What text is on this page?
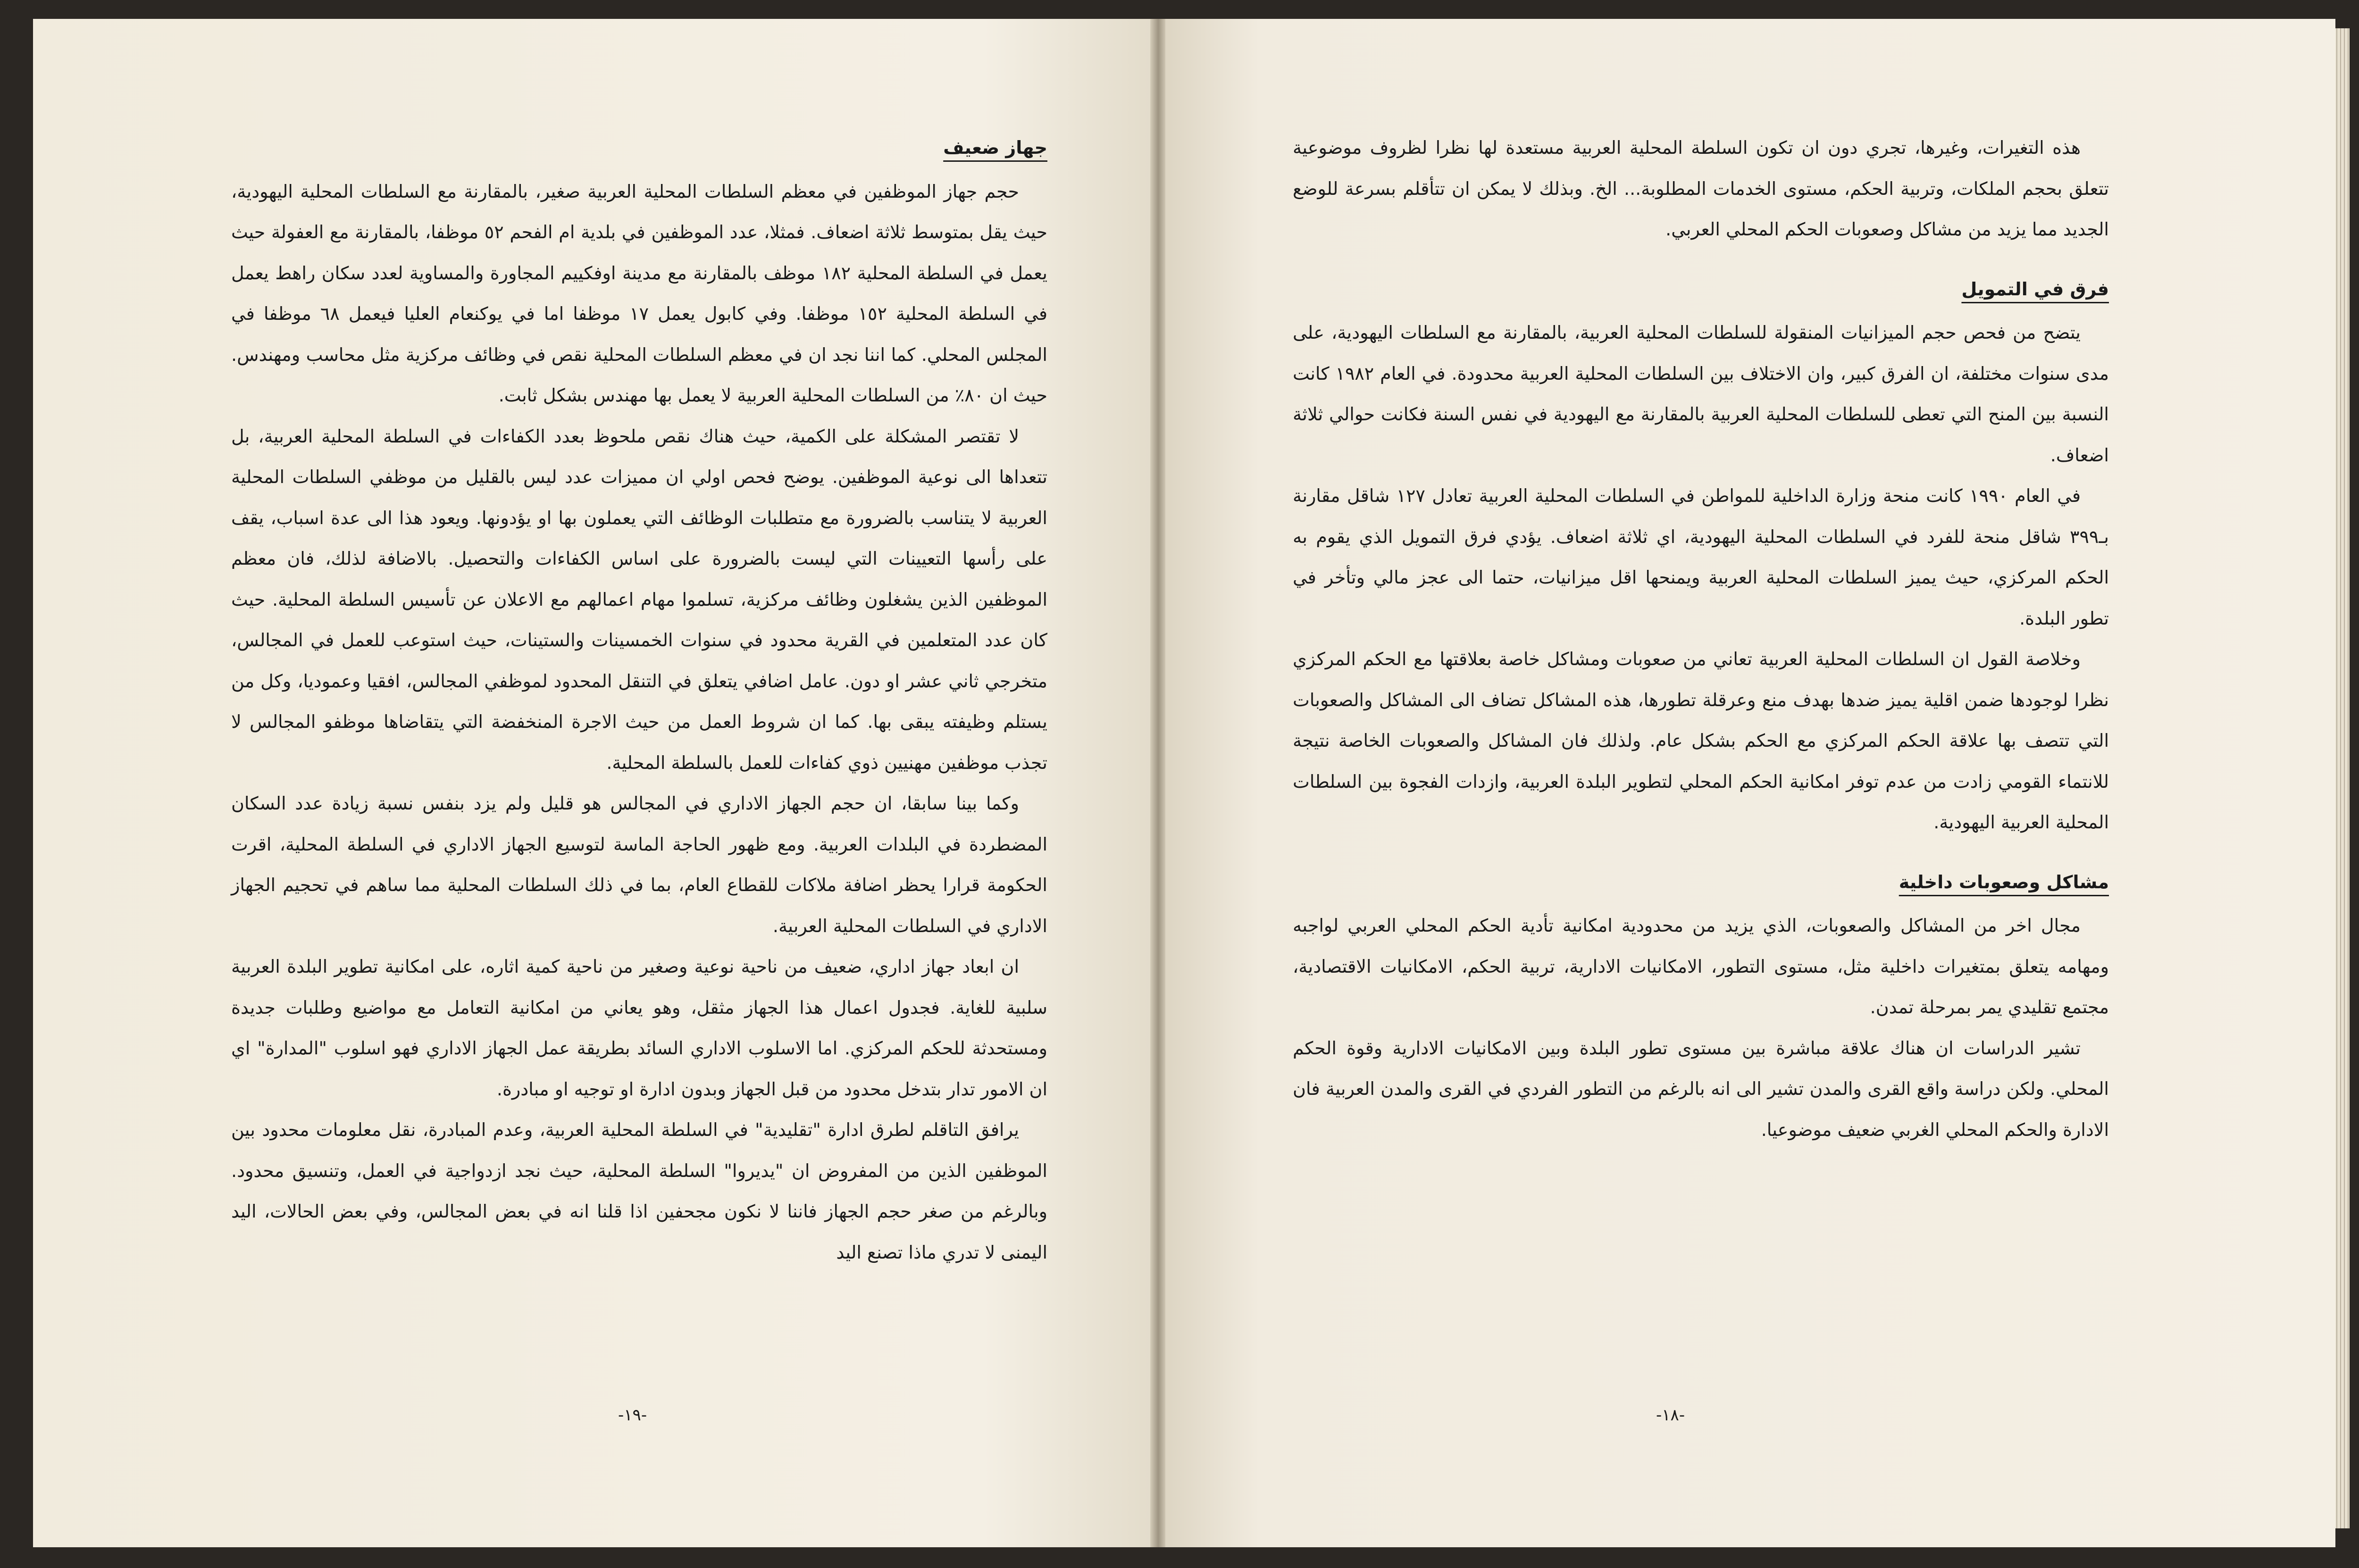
جهاز ضعيف

حجم جهاز الموظفين في معظم السلطات المحلية العربية صغير، بالمقارنة مع السلطات المحلية اليهودية، حيث يقل بمتوسط ثلاثة اضعاف. فمثلا، عدد الموظفين في بلدية ام الفحم ٥٢ موظفا، بالمقارنة مع العفولة حيث يعمل في السلطة المحلية ١٨٢ موظف بالمقارنة مع مدينة اوفكييم المجاورة والمساوية لعدد سكان راهط يعمل في السلطة المحلية ١٥٢ موظفا. وفي كابول يعمل ١٧ موظفا اما في يوكنعام العليا فيعمل ٦٨ موظفا في المجلس المحلي. كما اننا نجد ان في معظم السلطات المحلية نقص في وظائف مركزية مثل محاسب ومهندس. حيث ان ٨٠٪ من السلطات المحلية العربية لا يعمل بها مهندس بشكل ثابت.

لا تقتصر المشكلة على الكمية، حيث هناك نقص ملحوظ بعدد الكفاءات في السلطة المحلية العربية، بل تتعداها الى نوعية الموظفين. يوضح فحص اولي ان مميزات عدد ليس بالقليل من موظفي السلطات المحلية العربية لا يتناسب بالضرورة مع متطلبات الوظائف التي يعملون بها او يؤدونها. ويعود هذا الى عدة اسباب، يقف على رأسها التعيينات التي ليست بالضرورة على اساس الكفاءات والتحصيل. بالاضافة لذلك، فان معظم الموظفين الذين يشغلون وظائف مركزية، تسلموا مهام اعمالهم مع الاعلان عن تأسيس السلطة المحلية. حيث كان عدد المتعلمين في القرية محدود في سنوات الخمسينات والستينات، حيث استوعب للعمل في المجالس، متخرجي ثاني عشر او دون. عامل اضافي يتعلق في التنقل المحدود لموظفي المجالس، افقيا وعموديا، وكل من يستلم وظيفته يبقى بها. كما ان شروط العمل من حيث الاجرة المنخفضة التي يتقاضاها موظفو المجالس لا تجذب موظفين مهنيين ذوي كفاءات للعمل بالسلطة المحلية.

وكما بينا سابقا، ان حجم الجهاز الاداري في المجالس هو قليل ولم يزد بنفس نسبة زيادة عدد السكان المضطردة في البلدات العربية. ومع ظهور الحاجة الماسة لتوسيع الجهاز الاداري في السلطة المحلية، اقرت الحكومة قرارا يحظر اضافة ملاكات للقطاع العام، بما في ذلك السلطات المحلية مما ساهم في تحجيم الجهاز الاداري في السلطات المحلية العربية.

ان ابعاد جهاز اداري، ضعيف من ناحية نوعية وصغير من ناحية كمية اثاره، على امكانية تطوير البلدة العربية سلبية للغاية. فجدول اعمال هذا الجهاز مثقل، وهو يعاني من امكانية التعامل مع مواضيع وطلبات جديدة ومستحدثة للحكم المركزي. اما الاسلوب الاداري السائد بطريقة عمل الجهاز الاداري فهو اسلوب "المدارة" اي ان الامور تدار بتدخل محدود من قبل الجهاز وبدون ادارة او توجيه او مبادرة.

يرافق التاقلم لطرق ادارة "تقليدية" في السلطة المحلية العربية، وعدم المبادرة، نقل معلومات محدود بين الموظفين الذين من المفروض ان "يديروا" السلطة المحلية، حيث نجد ازدواجية في العمل، وتنسيق محدود. وبالرغم من صغر حجم الجهاز فاننا لا نكون مجحفين اذا قلنا انه في بعض المجالس، وفي بعض الحالات، اليد اليمنى لا تدري ماذا تصنع اليد

-١٩-

هذه التغيرات، وغيرها، تجري دون ان تكون السلطة المحلية العربية مستعدة لها نظرا لظروف موضوعية تتعلق بحجم الملكات، وتربية الحكم، مستوى الخدمات المطلوبة... الخ. وبذلك لا يمكن ان تتأقلم بسرعة للوضع الجديد مما يزيد من مشاكل وصعوبات الحكم المحلي العربي.

فرق في التمويل

يتضح من فحص حجم الميزانيات المنقولة للسلطات المحلية العربية، بالمقارنة مع السلطات اليهودية، على مدى سنوات مختلفة، ان الفرق كبير، وان الاختلاف بين السلطات المحلية العربية محدودة. في العام ١٩٨٢ كانت النسبة بين المنح التي تعطى للسلطات المحلية العربية بالمقارنة مع اليهودية في نفس السنة فكانت حوالي ثلاثة اضعاف.

في العام ١٩٩٠ كانت منحة وزارة الداخلية للمواطن في السلطات المحلية العربية تعادل ١٢٧ شاقل مقارنة بـ٣٩٩ شاقل منحة للفرد في السلطات المحلية اليهودية، اي ثلاثة اضعاف. يؤدي فرق التمويل الذي يقوم به الحكم المركزي، حيث يميز السلطات المحلية العربية ويمنحها اقل ميزانيات، حتما الى عجز مالي وتأخر في تطور البلدة.

وخلاصة القول ان السلطات المحلية العربية تعاني من صعوبات ومشاكل خاصة بعلاقتها مع الحكم المركزي نظرا لوجودها ضمن اقلية يميز ضدها بهدف منع وعرقلة تطورها، هذه المشاكل تضاف الى المشاكل والصعوبات التي تتصف بها علاقة الحكم المركزي مع الحكم بشكل عام. ولذلك فان المشاكل والصعوبات الخاصة نتيجة للانتماء القومي زادت من عدم توفر امكانية الحكم المحلي لتطوير البلدة العربية، وازدات الفجوة بين السلطات المحلية العربية اليهودية.

مشاكل وصعوبات داخلية

مجال اخر من المشاكل والصعوبات، الذي يزيد من محدودية امكانية تأدية الحكم المحلي العربي لواجبه ومهامه يتعلق بمتغيرات داخلية مثل، مستوى التطور، الامكانيات الادارية، تربية الحكم، الامكانيات الاقتصادية، مجتمع تقليدي يمر بمرحلة تمدن.

تشير الدراسات ان هناك علاقة مباشرة بين مستوى تطور البلدة وبين الامكانيات الادارية وقوة الحكم المحلي. ولكن دراسة واقع القرى والمدن تشير الى انه بالرغم من التطور الفردي في القرى والمدن العربية فان الادارة والحكم المحلي الغربي ضعيف موضوعيا.

-١٨-
